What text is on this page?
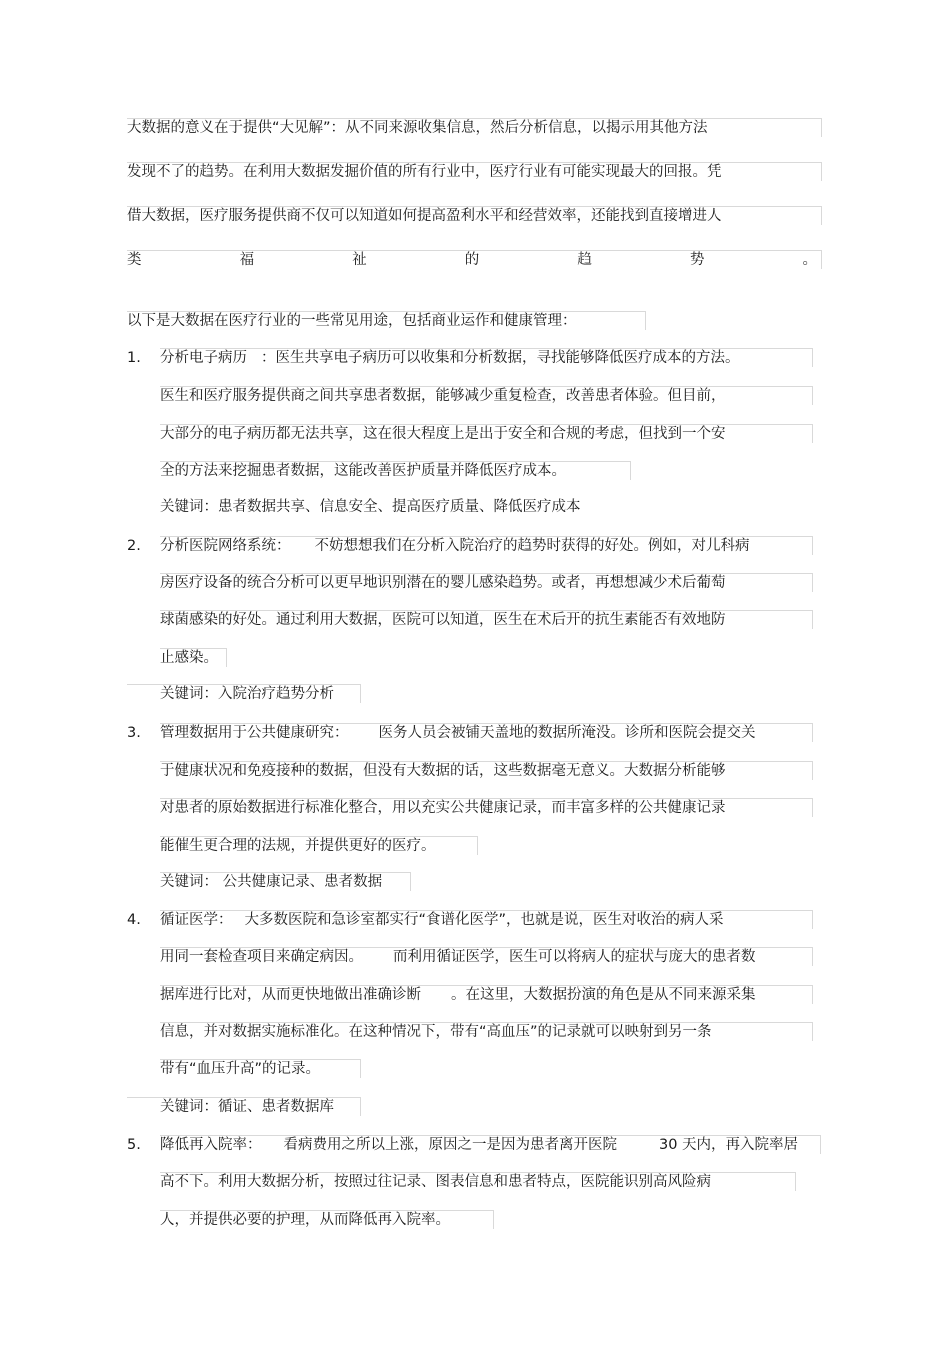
大数据的意义在于提供“大见解”：从不同来源收集信息，然后分析信息，以揭示用其他方法
发现不了的趋势。在利用大数据发掘价值的所有行业中，医疗行业有可能实现最大的回报。凭
借大数据，医疗服务提供商不仅可以知道如何提高盈利水平和经营效率，还能找到直接增进人
类	福	祉	的	趋	势	。
以下是大数据在医疗行业的一些常见用途，包括商业运作和健康管理：
1. 分析电子病历 ：医生共享电子病历可以收集和分析数据，寻找能够降低医疗成本的方法。
医生和医疗服务提供商之间共享患者数据，能够减少重复检查，改善患者体验。但目前，
大部分的电子病历都无法共享，这在很大程度上是出于安全和合规的考虑，但找到一个安
全的方法来挖掘患者数据，这能改善医护质量并降低医疗成本。
关键词：患者数据共享、信息安全、提高医疗质量、降低医疗成本
2. 分析医院网络系统： 不妨想想我们在分析入院治疗的趋势时获得的好处。例如，对儿科病
房医疗设备的统合分析可以更早地识别潜在的婴儿感染趋势。或者，再想想减少术后葡萄
球菌感染的好处。通过利用大数据，医院可以知道，医生在术后开的抗生素能否有效地防
止感染。
关键词：入院治疗趋势分析
3. 管理数据用于公共健康研究： 医务人员会被铺天盖地的数据所淹没。诊所和医院会提交关
于健康状况和免疫接种的数据，但没有大数据的话，这些数据毫无意义。大数据分析能够
对患者的原始数据进行标准化整合，用以充实公共健康记录，而丰富多样的公共健康记录
能催生更合理的法规，并提供更好的医疗。
关键词： 公共健康记录、患者数据
4. 循证医学： 大多数医院和急诊室都实行“食谱化医学”，也就是说，医生对收治的病人采
用同一套检查项目来确定病因。 而利用循证医学，医生可以将病人的症状与庞大的患者数
据库进行比对，从而更快地做出准确诊断 。在这里，大数据扮演的角色是从不同来源采集
信息，并对数据实施标准化。在这种情况下，带有“高血压”的记录就可以映射到另一条
带有“血压升高”的记录。
关键词：循证、患者数据库
5. 降低再入院率： 看病费用之所以上涨，原因之一是因为患者离开医院	30 天内，再入院率居
高不下。利用大数据分析，按照过往记录、图表信息和患者特点，医院能识别高风险病
人，并提供必要的护理，从而降低再入院率。
